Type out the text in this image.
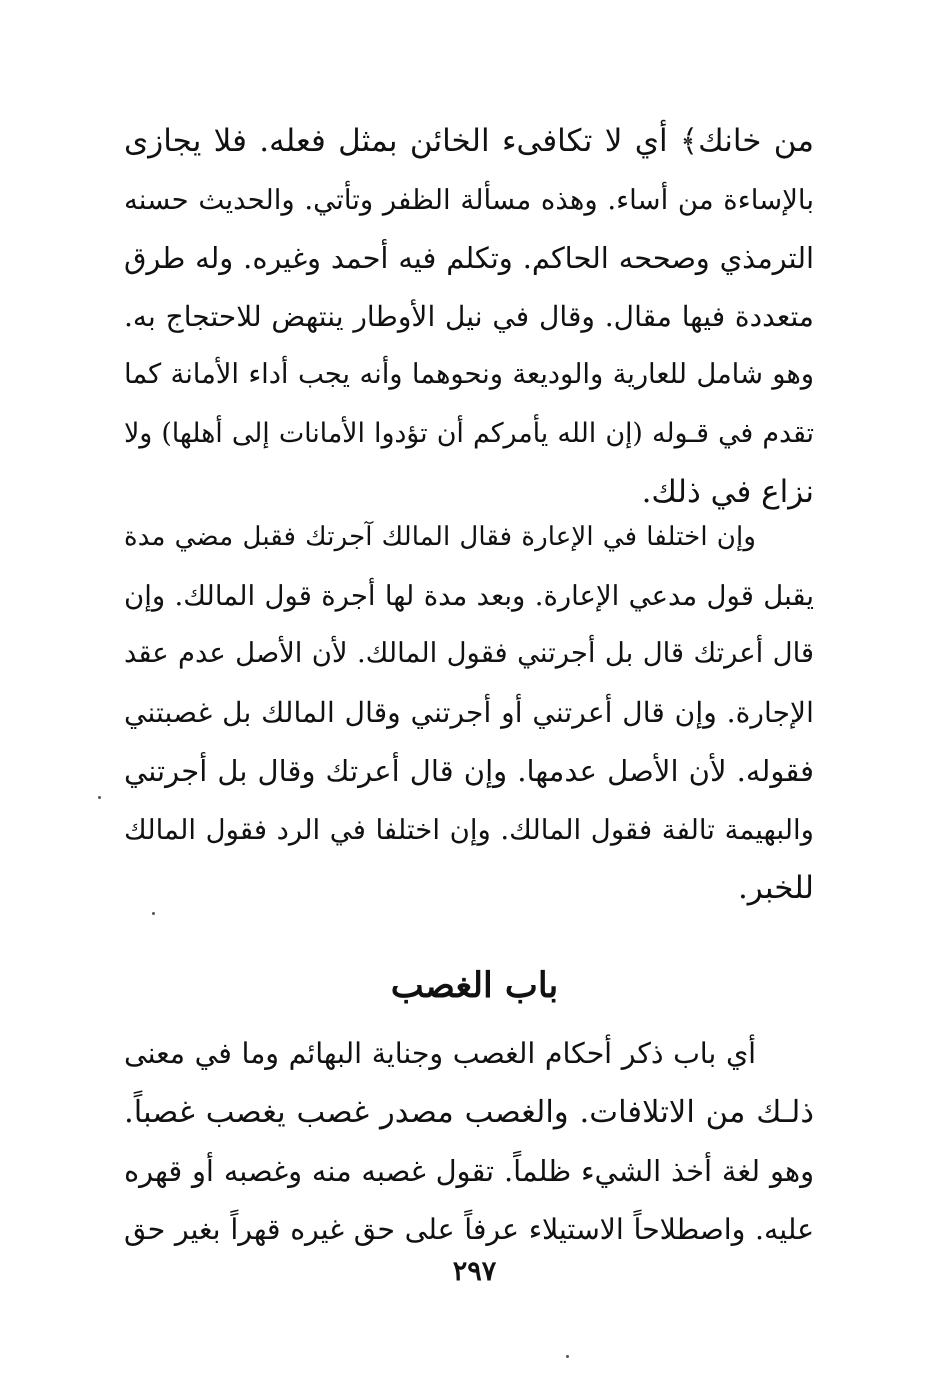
من خانك﴾ أي لا تكافىء الخائن بمثل فعله. فلا يجازى
بالإساءة من أساء. وهذه مسألة الظفر وتأتي. والحديث حسنه
الترمذي وصححه الحاكم. وتكلم فيه أحمد وغيره. وله طرق
متعددة فيها مقال. وقال في نيل الأوطار ينتهض للاحتجاج به.
وهو شامل للعارية والوديعة ونحوهما وأنه يجب أداء الأمانة كما
تقدم في قـوله (إن الله يأمركم أن تؤدوا الأمانات إلى أهلها) ولا
نزاع في ذلك.
وإن اختلفا في الإعارة فقال المالك آجرتك فقبل مضي مدة
يقبل قول مدعي الإعارة. وبعد مدة لها أجرة قول المالك. وإن
قال أعرتك قال بل أجرتني فقول المالك. لأن الأصل عدم عقد
الإجارة. وإن قال أعرتني أو أجرتني وقال المالك بل غصبتني
فقوله. لأن الأصل عدمها. وإن قال أعرتك وقال بل أجرتني
والبهيمة تالفة فقول المالك. وإن اختلفا في الرد فقول المالك
للخبر.
باب الغصب
أي باب ذكر أحكام الغصب وجناية البهائم وما في معنى
ذلـك من الاتلافات. والغصب مصدر غصب يغصب غصباً.
وهو لغة أخذ الشيء ظلماً. تقول غصبه منه وغصبه أو قهره
عليه. واصطلاحاً الاستيلاء عرفاً على حق غيره قهراً بغير حق
٢٩٧
